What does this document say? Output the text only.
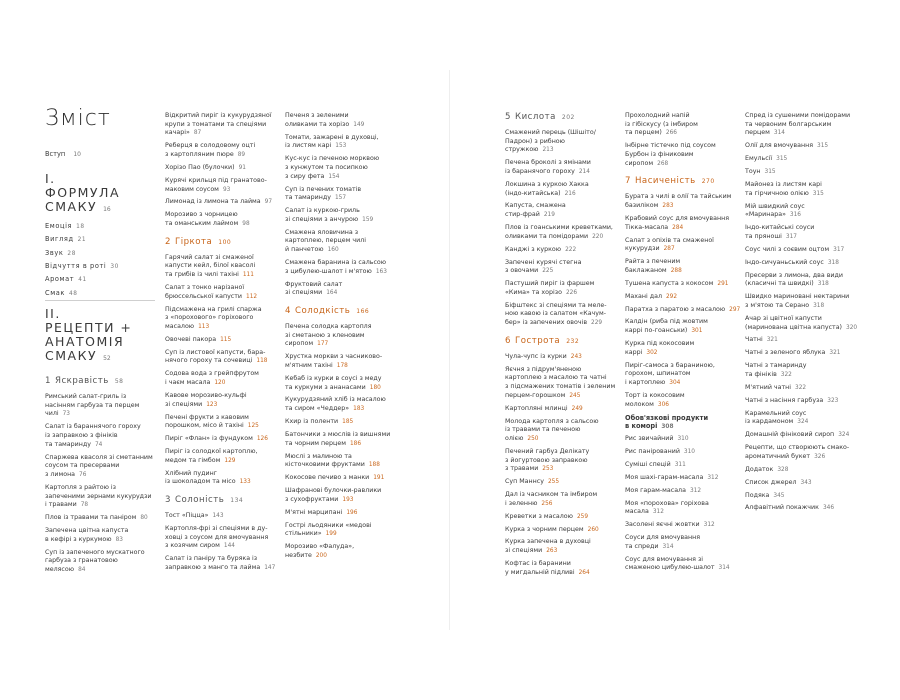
Зміст
Вступ 10
I.
ФОРМУЛА
СМАКУ 16
Емоція 18
Вигляд 21
Звук 28
Відчуття в роті 30
Аромат 41
Смак 48
II.
РЕЦЕПТИ +
АНАТОМІЯ
СМАКУ 52
1 Яскравість 58
Римський салат-гриль із
насінням гарбуза та перцем
чилі 73
Салат із бараннячого гороху
із заправкою з фініків
та тамаринду 74
Спаржева квасоля зі сметанним
соусом та пресервами
з лимона 76
Картопля з райтою із
запеченими зернами кукурудзи
і травами 78
Плов із травами та паніром 80
Запечена цвітна капуста
в кефірі з куркумою 83
Суп із запеченого мускатного
гарбуза з гранатовою
мелясою 84
Відкритий пиріг із кукурудзяної
крупи з томатами та спеціями
качарі» 87
Реберця в солодовому оцті
з картопляним пюре 89
Хорізо Пао (булочки) 91
Курячі крильця під гранатово-
маковим соусом 93
Лимонад із лимона та лайма 97
Морозиво з чорницею
та оманським лаймом 98
2 Гіркота 100
Гарячий салат зі смаженої
капусти кейл, білої квасолі
та грибів із чилі тахіні 111
Салат з тонко нарізаної
брюссельської капусти 112
Підсмажена на грилі спаржа
з «порохового» горіхового
масалою 113
Овочеві пакора 115
Суп із листової капусти, бара-
нячого гороху та сочевиці 118
Содова вода з грейпфрутом
і чаєм масала 120
Кавове морозиво-кульфі
зі спеціями 123
Печені фрукти з кавовим
порошком, місо й тахіні 125
Пиріг «Флан» із фундуком 126
Пиріг із солодкої картоплю,
медом та гімбом 129
Хлібний пудинг
із шоколадом та місо 133
3 Солоність 134
Тост «Піцца» 143
Картопля-фрі зі спеціями в ду-
ховці з соусом для вмочування
з козячим сиром 144
Салат із паніру та буряка із
заправкою з манго та лайма 147
Печеня з зеленими
оливками та хорізо 149
Томати, зажарені в духовці,
із листям карі 153
Кус-кус із печеною морквою
з кунжутом та посипкою
з сиру фета 154
Суп із печених томатів
та тамаринду 157
Салат із куркою-гриль
зі спеціями з анчурою 159
Смажена яловичина з
картоплею, перцем чилі
й панчетою 160
Смажена баранина із сальсою
з цибулею-шалот і м'ятою 163
Фруктовий салат
зі спеціями 164
4 Солодкість 166
Печена солодка картопля
зі сметаною з кленовим
сиропом 177
Хрустка моркви з часниково-
м'ятним тахіні 178
Кебаб із курки в соусі з меду
та куркуми з ананасами 180
Кукурудзяний хліб із масалою
та сиром «Чеддер» 183
Кхир із поленти 185
Батончики з мюслів із вишнями
та чорним перцем 186
Мюслі з малиною та
кісточковими фруктами 188
Кокосове печиво з манки 191
Шафранові булочки-равлики
з сухофруктами 193
М'ятні марципані 196
Гострі льодяники «медові
стільники» 199
Морозиво «Фалуда»,
незбите 200
5 Кислота 202
Смажений перець (Шішіто/
Падрон) з рибною
стружкою 213
Печена броколі з ямінами
із баранячого гороху 214
Локшина з куркою Хакка
(індо-китайська) 216
Капуста, смажена
стир-фрай 219
Плов із гоанськими креветками,
оливками та помідорами 220
Канджі з куркою 222
Запечені курячі стегна
з овочами 225
Пастуший пиріг із фаршем
«Кима» та хорізо 226
Біфштекс зі спеціями та меле-
ною кавою із салатом «Качум-
бер» із запечених овочів 229
6 Гострота 232
Чула-чупс із курки 243
Яєчня з підрум'яненою
картоплею з масалою та чатні
з підсмажених томатів і зеленим
перцем-горошком 245
Картопляні млинці 249
Молода картопля з сальсою
із травами та печеною
олією 250
Печений гарбуз Делікату
з йогуртовою заправкою
з травами 253
Суп Маннсу 255
Дал із часником та імбиром
і зеленню 256
Креветки з масалою 259
Курка з чорним перцем 260
Курка запечена в духовці
зі спеціями 263
Кофтас із баранини
у мигдальній підливі 264
Прохолодний напій
із гібіскусу (з імбиром
та перцем) 266
Інбірне тістечко під соусом
Бурбон із фіниковим
сиропом 268
7 Насиченість 270
Бурата з чилі в олії та тайським
базиліком 283
Крабовий соус для вмочування
Тікка-масала 284
Салат з опіхів та смаженої
кукурудзи 287
Райта з печеним
баклажаном 288
Тушена капуста з кокосом 291
Махані дал 292
Паратха з паратою з масалою 297
Калдін (риба під жовтим
каррі по-гоанськи) 301
Курка під кокосовим
каррі 302
Пиріг-самоса з бараниною,
горохом, шпинатом
і картоплею 304
Торт із кокосовим
молоком 306
Обов'язкові продукти
в коморі 308
Рис звичайний 310
Рис панірований 310
Суміші спецій 311
Моя шахі-гарам-масала 312
Моя гарам-масала 312
Моя «порохова» горіхова
масала 312
Засолені яєчні жовтки 312
Соуси для вмочування
та спреди 314
Соус для вмочування зі
смаженою цибулею-шалот 314
Спред із сушеними помідорами
та червоним болгарським
перцем 314
Олії для вмочування 315
Емульсії 315
Тоун 315
Майонез із листям карі
та гірчичною олією 315
Мій швидкий соус
«Маринара» 316
Індо-китайські соуси
та пряноші 317
Соус чилі з соєвим оцтом 317
Індо-сичуаньський соус 318
Пресерви з лимона, два види
(класичні та швидкі) 318
Швидко мариновані нектарини
з м'ятою та Серано 318
Ачар зі цвітної капусти
(маринована цвітна капуста) 320
Чатні 321
Чатні з зеленого яблука 321
Чатні з тамаринду
та фініків 322
М'ятний чатні 322
Чатні з насіння гарбуза 323
Карамельний соус
із кардамоном 324
Домашній фініковий сироп 324
Рецепти, що створюють смако-
ароматичний букет 326
Додаток 328
Список джерел 343
Подяка 345
Алфавітний покажчик 346
